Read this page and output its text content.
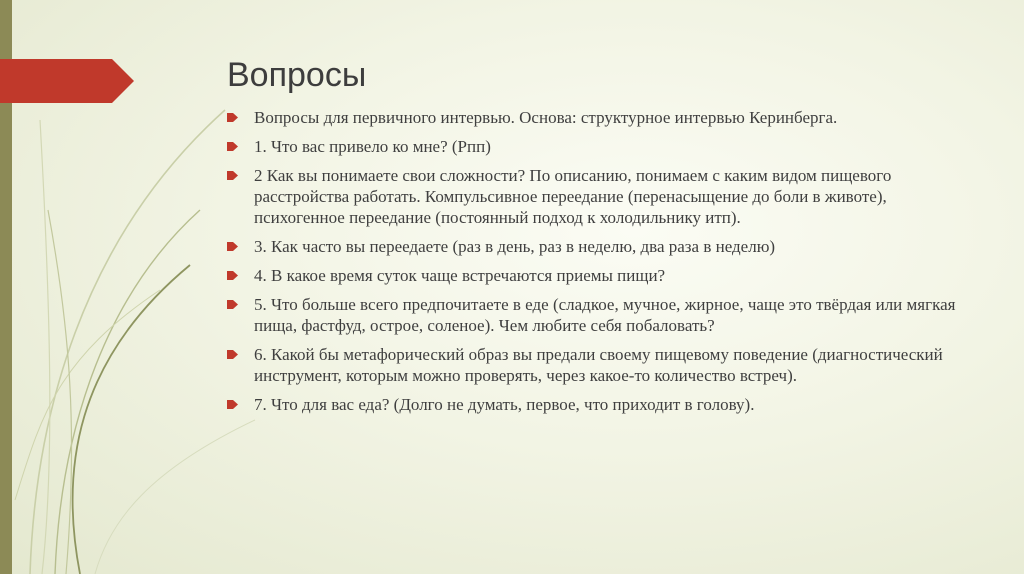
Вопросы
Вопросы для первичного интервью. Основа: структурное интервью Керинберга.
1. Что вас привело ко мне? (Рпп)
2 Как вы понимаете свои сложности? По описанию, понимаем с каким видом пищевого расстройства работать. Компульсивное переедание (перенасыщение до боли в животе), психогенное переедание (постоянный подход к холодильнику итп).
3. Как часто вы переедаете (раз в день, раз в неделю, два раза в неделю)
4. В какое время суток чаще встречаются приемы пищи?
5. Что больше всего предпочитаете в еде (сладкое, мучное, жирное, чаще это твёрдая или мягкая пища, фастфуд, острое, соленое). Чем любите себя побаловать?
6. Какой бы метафорический образ вы предали своему пищевому поведение (диагностический инструмент, которым можно проверять, через какое-то количество встреч).
7. Что для вас еда? (Долго не думать, первое, что приходит в голову).
